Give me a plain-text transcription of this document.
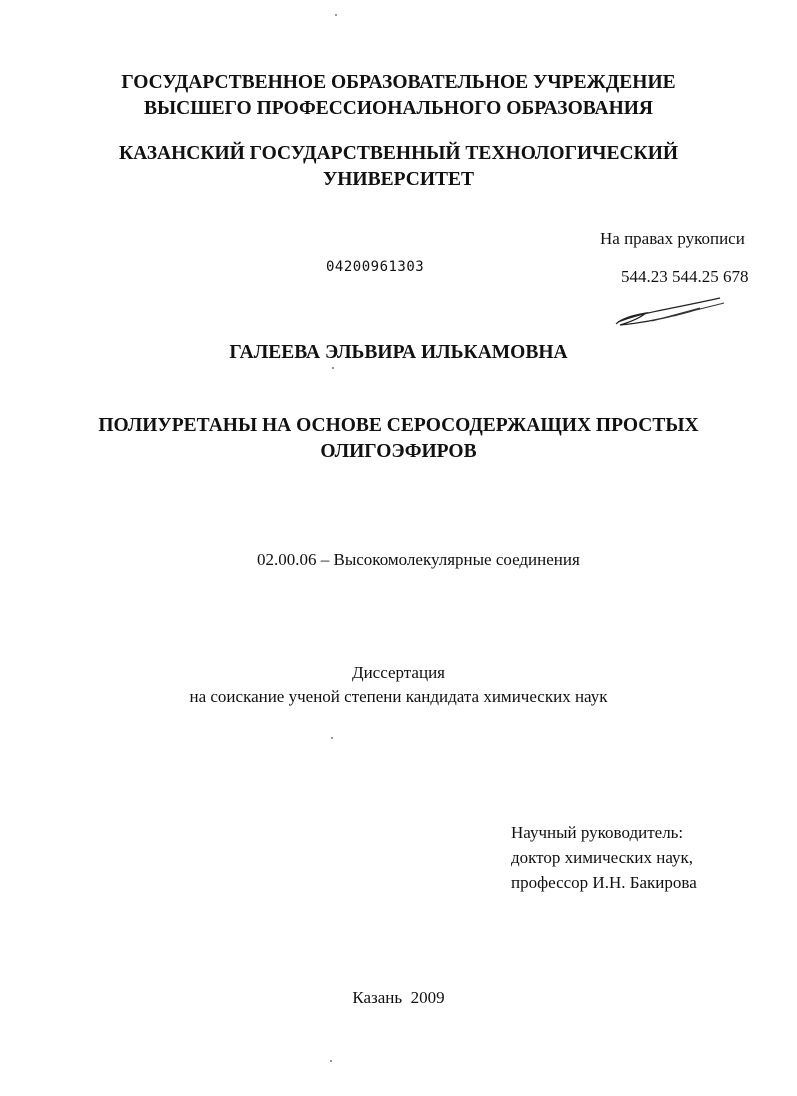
ГОСУДАРСТВЕННОЕ ОБРАЗОВАТЕЛЬНОЕ УЧРЕЖДЕНИЕ
ВЫСШЕГО ПРОФЕССИОНАЛЬНОГО ОБРАЗОВАНИЯ
КАЗАНСКИЙ ГОСУДАРСТВЕННЫЙ ТЕХНОЛОГИЧЕСКИЙ
УНИВЕРСИТЕТ
На правах рукописи
04200961303	544.23 544.25 678
ГАЛЕЕВА ЭЛЬВИРА ИЛЬКАМОВНА
ПОЛИУРЕТАНЫ НА ОСНОВЕ СЕРОСОДЕРЖАЩИХ ПРОСТЫХ
ОЛИГОЭФИРОВ
02.00.06 – Высокомолекулярные соединения
Диссертация
на соискание ученой степени кандидата химических наук
Научный руководитель:
доктор химических наук,
профессор И.Н. Бакирова
Казань  2009
